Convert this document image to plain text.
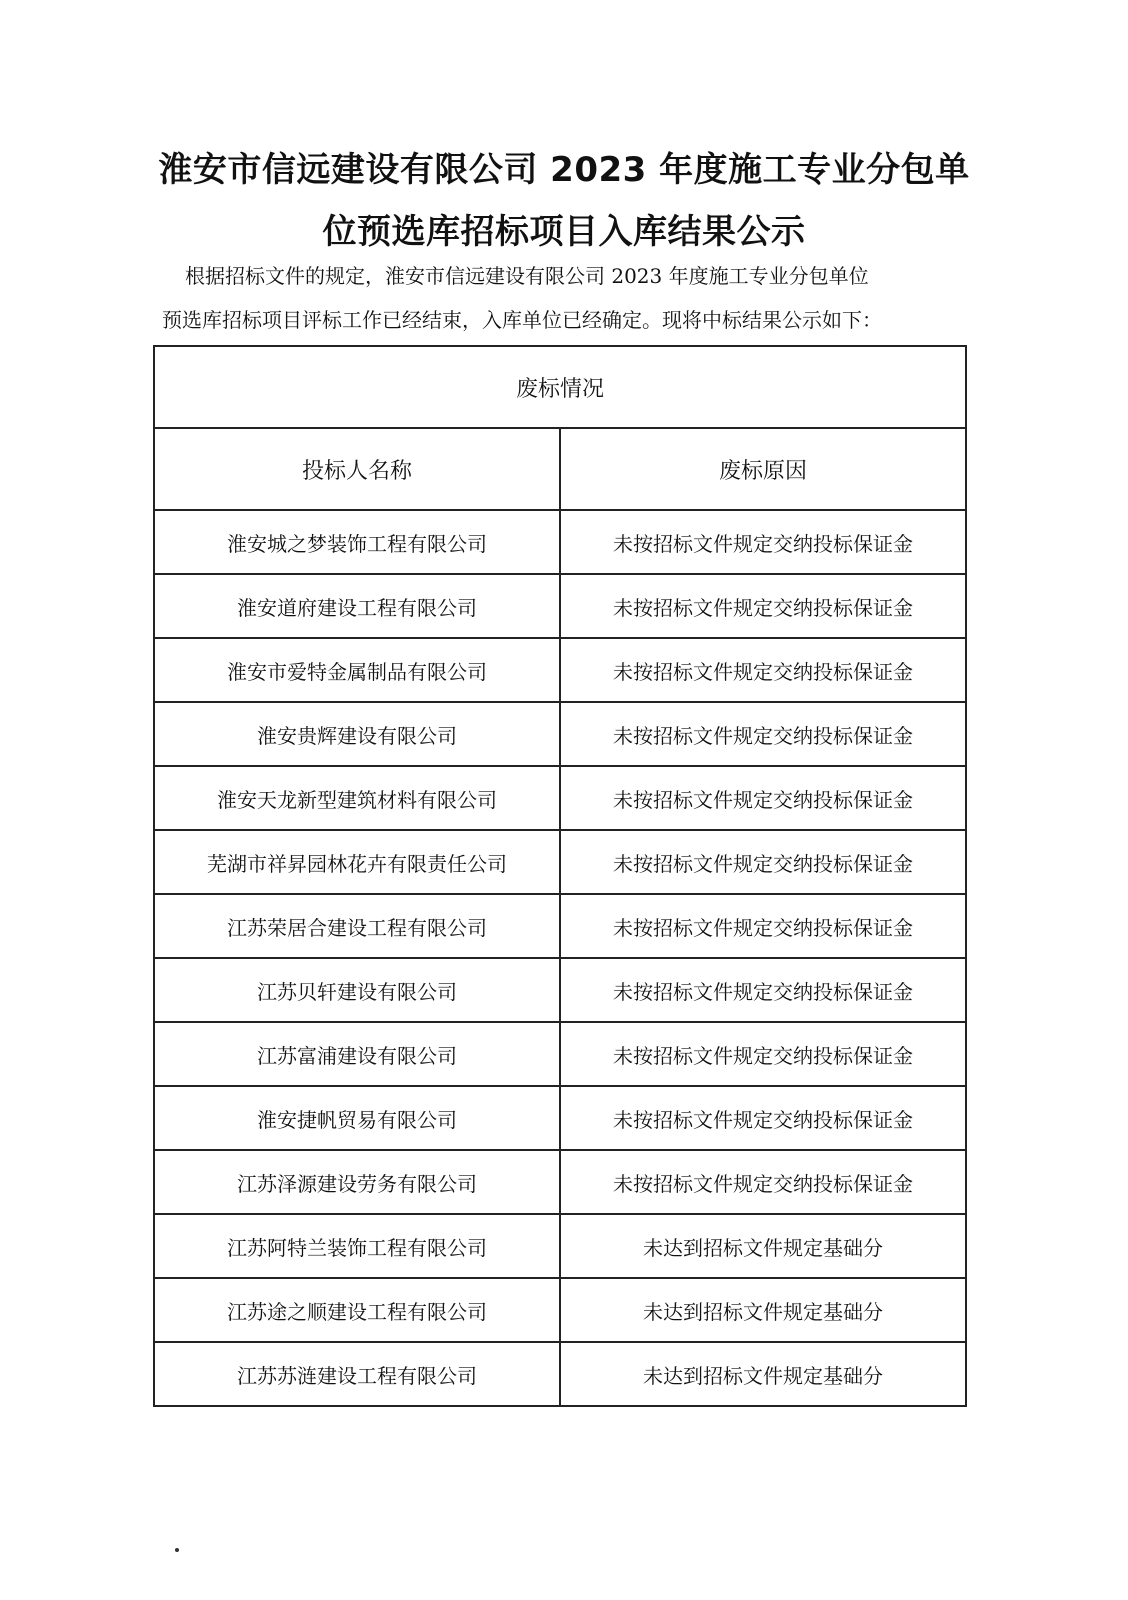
淮安市信远建设有限公司 2023 年度施工专业分包单
位预选库招标项目入库结果公示

根据招标文件的规定，淮安市信远建设有限公司 2023 年度施工专业分包单位

预选库招标项目评标工作已经结束，入库单位已经确定。现将中标结果公示如下：

废标情况	
投标人名称	废标原因
淮安城之梦装饰工程有限公司	未按招标文件规定交纳投标保证金
淮安道府建设工程有限公司	未按招标文件规定交纳投标保证金
淮安市爱特金属制品有限公司	未按招标文件规定交纳投标保证金
淮安贵辉建设有限公司	未按招标文件规定交纳投标保证金
淮安天龙新型建筑材料有限公司	未按招标文件规定交纳投标保证金
芜湖市祥昇园林花卉有限责任公司	未按招标文件规定交纳投标保证金
江苏荣居合建设工程有限公司	未按招标文件规定交纳投标保证金
江苏贝轩建设有限公司	未按招标文件规定交纳投标保证金
江苏富浦建设有限公司	未按招标文件规定交纳投标保证金
淮安捷帆贸易有限公司	未按招标文件规定交纳投标保证金
江苏泽源建设劳务有限公司	未按招标文件规定交纳投标保证金
江苏阿特兰装饰工程有限公司	未达到招标文件规定基础分
江苏途之顺建设工程有限公司	未达到招标文件规定基础分
江苏苏涟建设工程有限公司	未达到招标文件规定基础分
